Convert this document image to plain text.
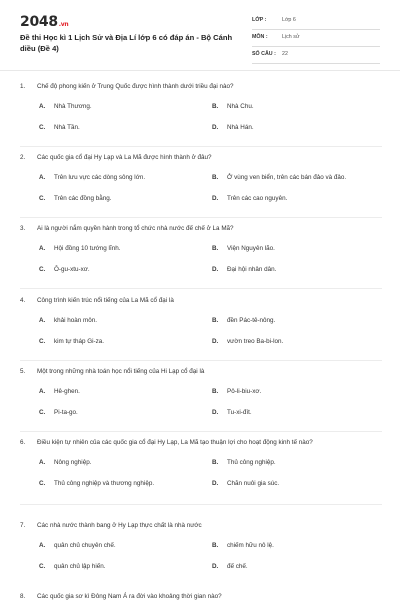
2048.vn
Đề thi Học kì 1 Lịch Sử và Địa Lí lớp 6 có đáp án - Bộ Cánh diều (Đề 4)
LỚP :	Lớp 6
MÔN :	Lịch sử
SỐ CÂU : 22
1. Chế độ phong kiến ở Trung Quốc được hình thành dưới triều đại nào?
A. Nhà Thương.	B. Nhà Chu.
C. Nhà Tần.	D. Nhà Hán.
2. Các quốc gia cổ đại Hy Lạp và La Mã được hình thành ở đâu?
A. Trên lưu vực các dòng sông lớn.	B. Ở vùng ven biển, trên các bán đảo và đảo.
C. Trên các đồng bằng.	D. Trên các cao nguyên.
3. Ai là người nắm quyền hành trong tổ chức nhà nước đế chế ở La Mã?
A. Hội đồng 10 tướng lĩnh.	B. Viện Nguyên lão.
C. Ô-gu-xtu-xơ.	D. Đại hội nhân dân.
4. Công trình kiến trúc nổi tiếng của La Mã cổ đại là
A. khải hoàn môn.	B. đền Pác-tê-nông.
C. kim tự tháp Gi-za.	D. vườn treo Ba-bi-lon.
5. Một trong những nhà toán học nổi tiếng của Hi Lạp cổ đại là
A. Hê-ghen.	B. Pô-li-biu-xơ.
C. Pi-ta-go.	D. Tu-xi-đít.
6. Điều kiện tự nhiên của các quốc gia cổ đại Hy Lạp, La Mã tạo thuận lợi cho hoạt động kinh tế nào?
A. Nông nghiệp.	B. Thủ công nghiệp.
C. Thủ công nghiệp và thương nghiệp.	D. Chăn nuôi gia súc.
7. Các nhà nước thành bang ở Hy Lạp thực chất là nhà nước
A. quân chủ chuyên chế.	B. chiếm hữu nô lệ.
C. quân chủ lập hiến.	D. đế chế.
8. Các quốc gia sơ kì Đông Nam Á ra đời vào khoảng thời gian nào?
